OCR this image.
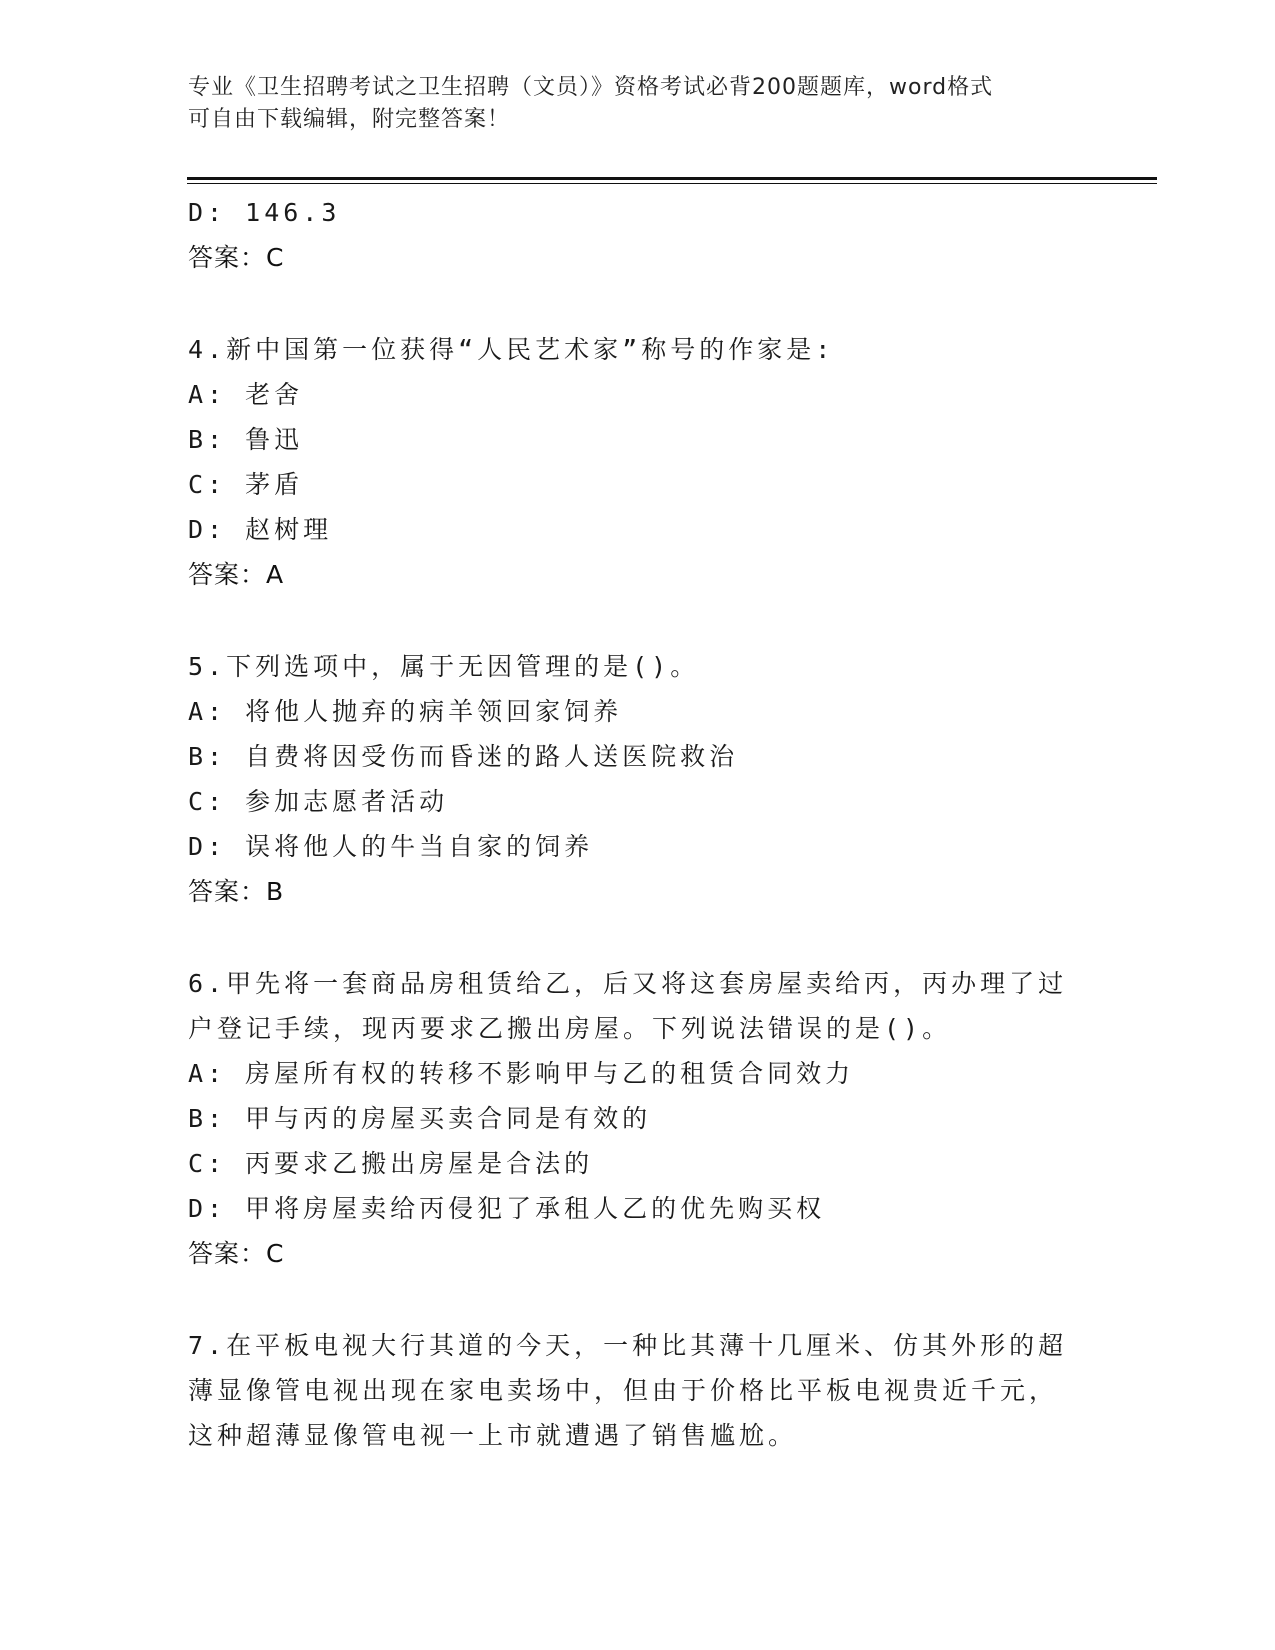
专业《卫生招聘考试之卫生招聘（文员）》资格考试必背200题题库，word格式
可自由下载编辑，附完整答案！
D: 146.3
答案：C
4.新中国第一位获得“人民艺术家”称号的作家是:
A: 老舍
B: 鲁迅
C: 茅盾
D: 赵树理
答案：A
5.下列选项中，属于无因管理的是()。
A: 将他人抛弃的病羊领回家饲养
B: 自费将因受伤而昏迷的路人送医院救治
C: 参加志愿者活动
D: 误将他人的牛当自家的饲养
答案：B
6.甲先将一套商品房租赁给乙，后又将这套房屋卖给丙，丙办理了过户登记手续，现丙要求乙搬出房屋。下列说法错误的是()。
A: 房屋所有权的转移不影响甲与乙的租赁合同效力
B: 甲与丙的房屋买卖合同是有效的
C: 丙要求乙搬出房屋是合法的
D: 甲将房屋卖给丙侵犯了承租人乙的优先购买权
答案：C
7.在平板电视大行其道的今天，一种比其薄十几厘米、仿其外形的超薄显像管电视出现在家电卖场中，但由于价格比平板电视贵近千元，这种超薄显像管电视一上市就遭遇了销售尴尬。
